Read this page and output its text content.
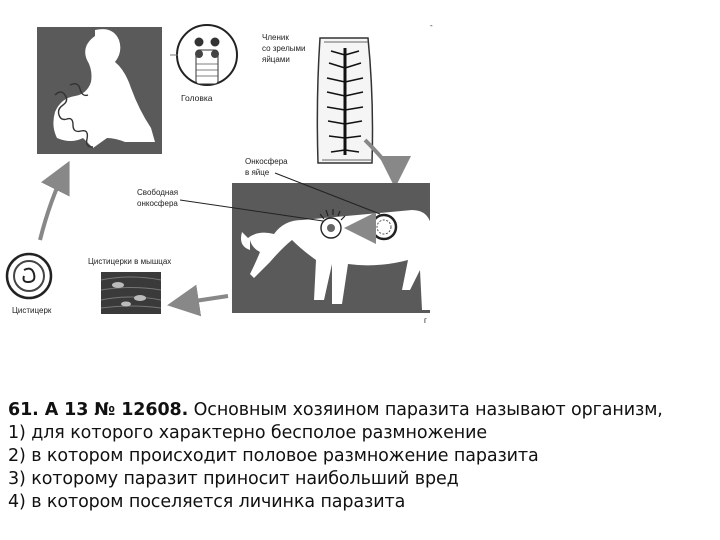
Головка
Членик со зрелыми яйцами
-
г
Онкосфера в яйце
Свободная онкосфера
Цистицерки в мышцах
Цистицерк
61. А 13 № 12608. Основным хозяином паразита называют организм,
1) для которого характерно бесполое размножение
2) в котором происходит половое размножение паразита
3) которому паразит приносит наибольший вред
4) в котором поселяется личинка паразита
